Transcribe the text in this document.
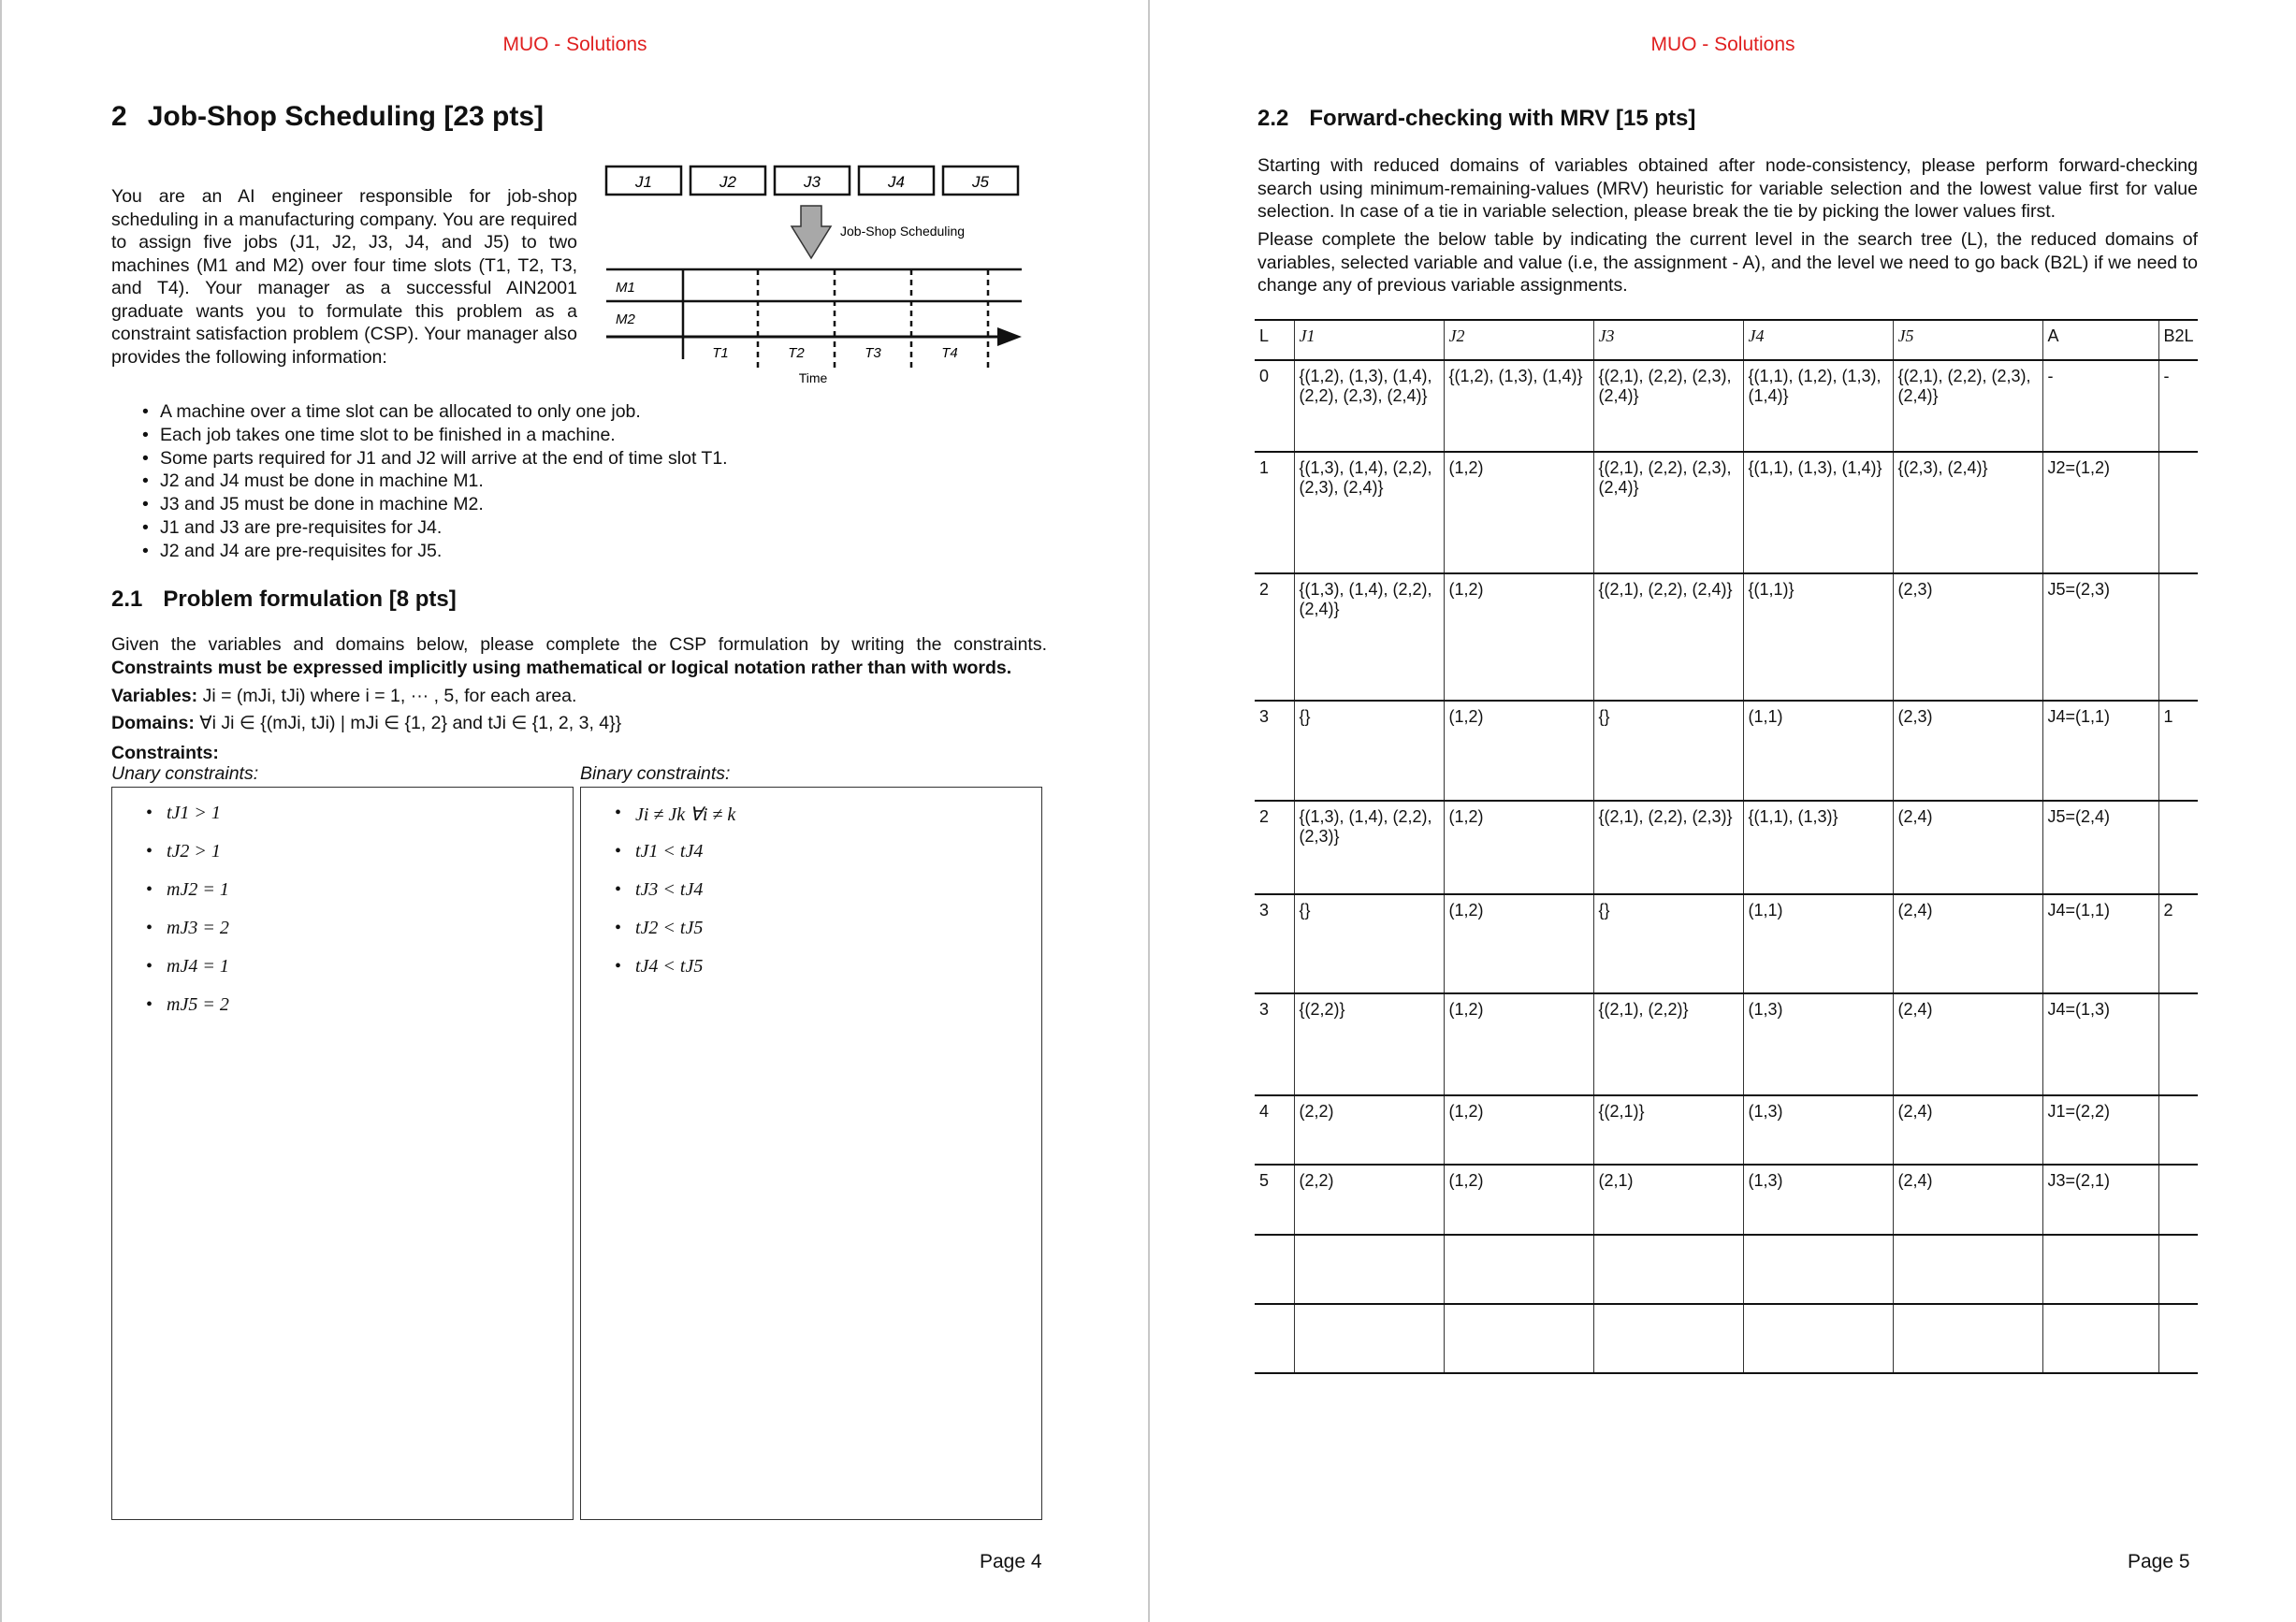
MUO - Solutions
2 Job-Shop Scheduling [23 pts]
You are an AI engineer responsible for job-shop scheduling in a manufacturing company. You are required to assign five jobs (J1, J2, J3, J4, and J5) to two machines (M1 and M2) over four time slots (T1, T2, T3, and T4). Your manager as a successful AIN2001 graduate wants you to formulate this problem as a constraint satisfaction problem (CSP). Your manager also provides the following information:
J1	J2	J3	J4	J5
Job-Shop Scheduling
M1
M2
T1	T2	T3	T4
Time
• A machine over a time slot can be allocated to only one job.
• Each job takes one time slot to be finished in a machine.
• Some parts required for J1 and J2 will arrive at the end of time slot T1.
• J2 and J4 must be done in machine M1.
• J3 and J5 must be done in machine M2.
• J1 and J3 are pre-requisites for J4.
• J2 and J4 are pre-requisites for J5.
2.1 Problem formulation [8 pts]
Given the variables and domains below, please complete the CSP formulation by writing the constraints. Constraints must be expressed implicitly using mathematical or logical notation rather than with words.
Variables: Ji = (mJi, tJi) where i = 1, ··· , 5, for each area.
Domains: ∀i Ji ∈ {(mJi, tJi) | mJi ∈ {1, 2} and tJi ∈ {1, 2, 3, 4}}
Constraints:
Unary constraints:	Binary constraints:
• tJ1 > 1
• tJ2 > 1
• mJ2 = 1
• mJ3 = 2
• mJ4 = 1
• mJ5 = 2
• Ji ≠ Jk ∀i ≠ k
• tJ1 < tJ4
• tJ3 < tJ4
• tJ2 < tJ5
• tJ4 < tJ5
Page 4
MUO - Solutions
2.2 Forward-checking with MRV [15 pts]
Starting with reduced domains of variables obtained after node-consistency, please perform forward-checking search using minimum-remaining-values (MRV) heuristic for variable selection and the lowest value first for value selection. In case of a tie in variable selection, please break the tie by picking the lower values first.
Please complete the below table by indicating the current level in the search tree (L), the reduced domains of variables, selected variable and value (i.e, the assignment - A), and the level we need to go back (B2L) if we need to change any of previous variable assignments.
L	J1	J2	J3	J4	J5	A	B2L
0	{(1,2), (1,3), (1,4), (2,2), (2,3), (2,4)}	{(1,2), (1,3), (1,4)}	{(2,1), (2,2), (2,3), (2,4)}	{(1,1), (1,2), (1,3), (1,4)}	{(2,1), (2,2), (2,3), (2,4)}	-	-
1	{(1,3), (1,4), (2,2), (2,3), (2,4)}	(1,2)	{(2,1), (2,2), (2,3), (2,4)}	{(1,1), (1,3), (1,4)}	{(2,3), (2,4)}	J2=(1,2)	
2	{(1,3), (1,4), (2,2), (2,4)}	(1,2)	{(2,1), (2,2), (2,4)}	{(1,1)}	(2,3)	J5=(2,3)	
3	{}	(1,2)	{}	(1,1)	(2,3)	J4=(1,1)	1
2	{(1,3), (1,4), (2,2), (2,3)}	(1,2)	{(2,1), (2,2), (2,3)}	{(1,1), (1,3)}	(2,4)	J5=(2,4)	
3	{}	(1,2)	{}	(1,1)	(2,4)	J4=(1,1)	2
3	{(2,2)}	(1,2)	{(2,1), (2,2)}	(1,3)	(2,4)	J4=(1,3)	
4	(2,2)	(1,2)	{(2,1)}	(1,3)	(2,4)	J1=(2,2)	
5	(2,2)	(1,2)	(2,1)	(1,3)	(2,4)	J3=(2,1)	

Page 5
